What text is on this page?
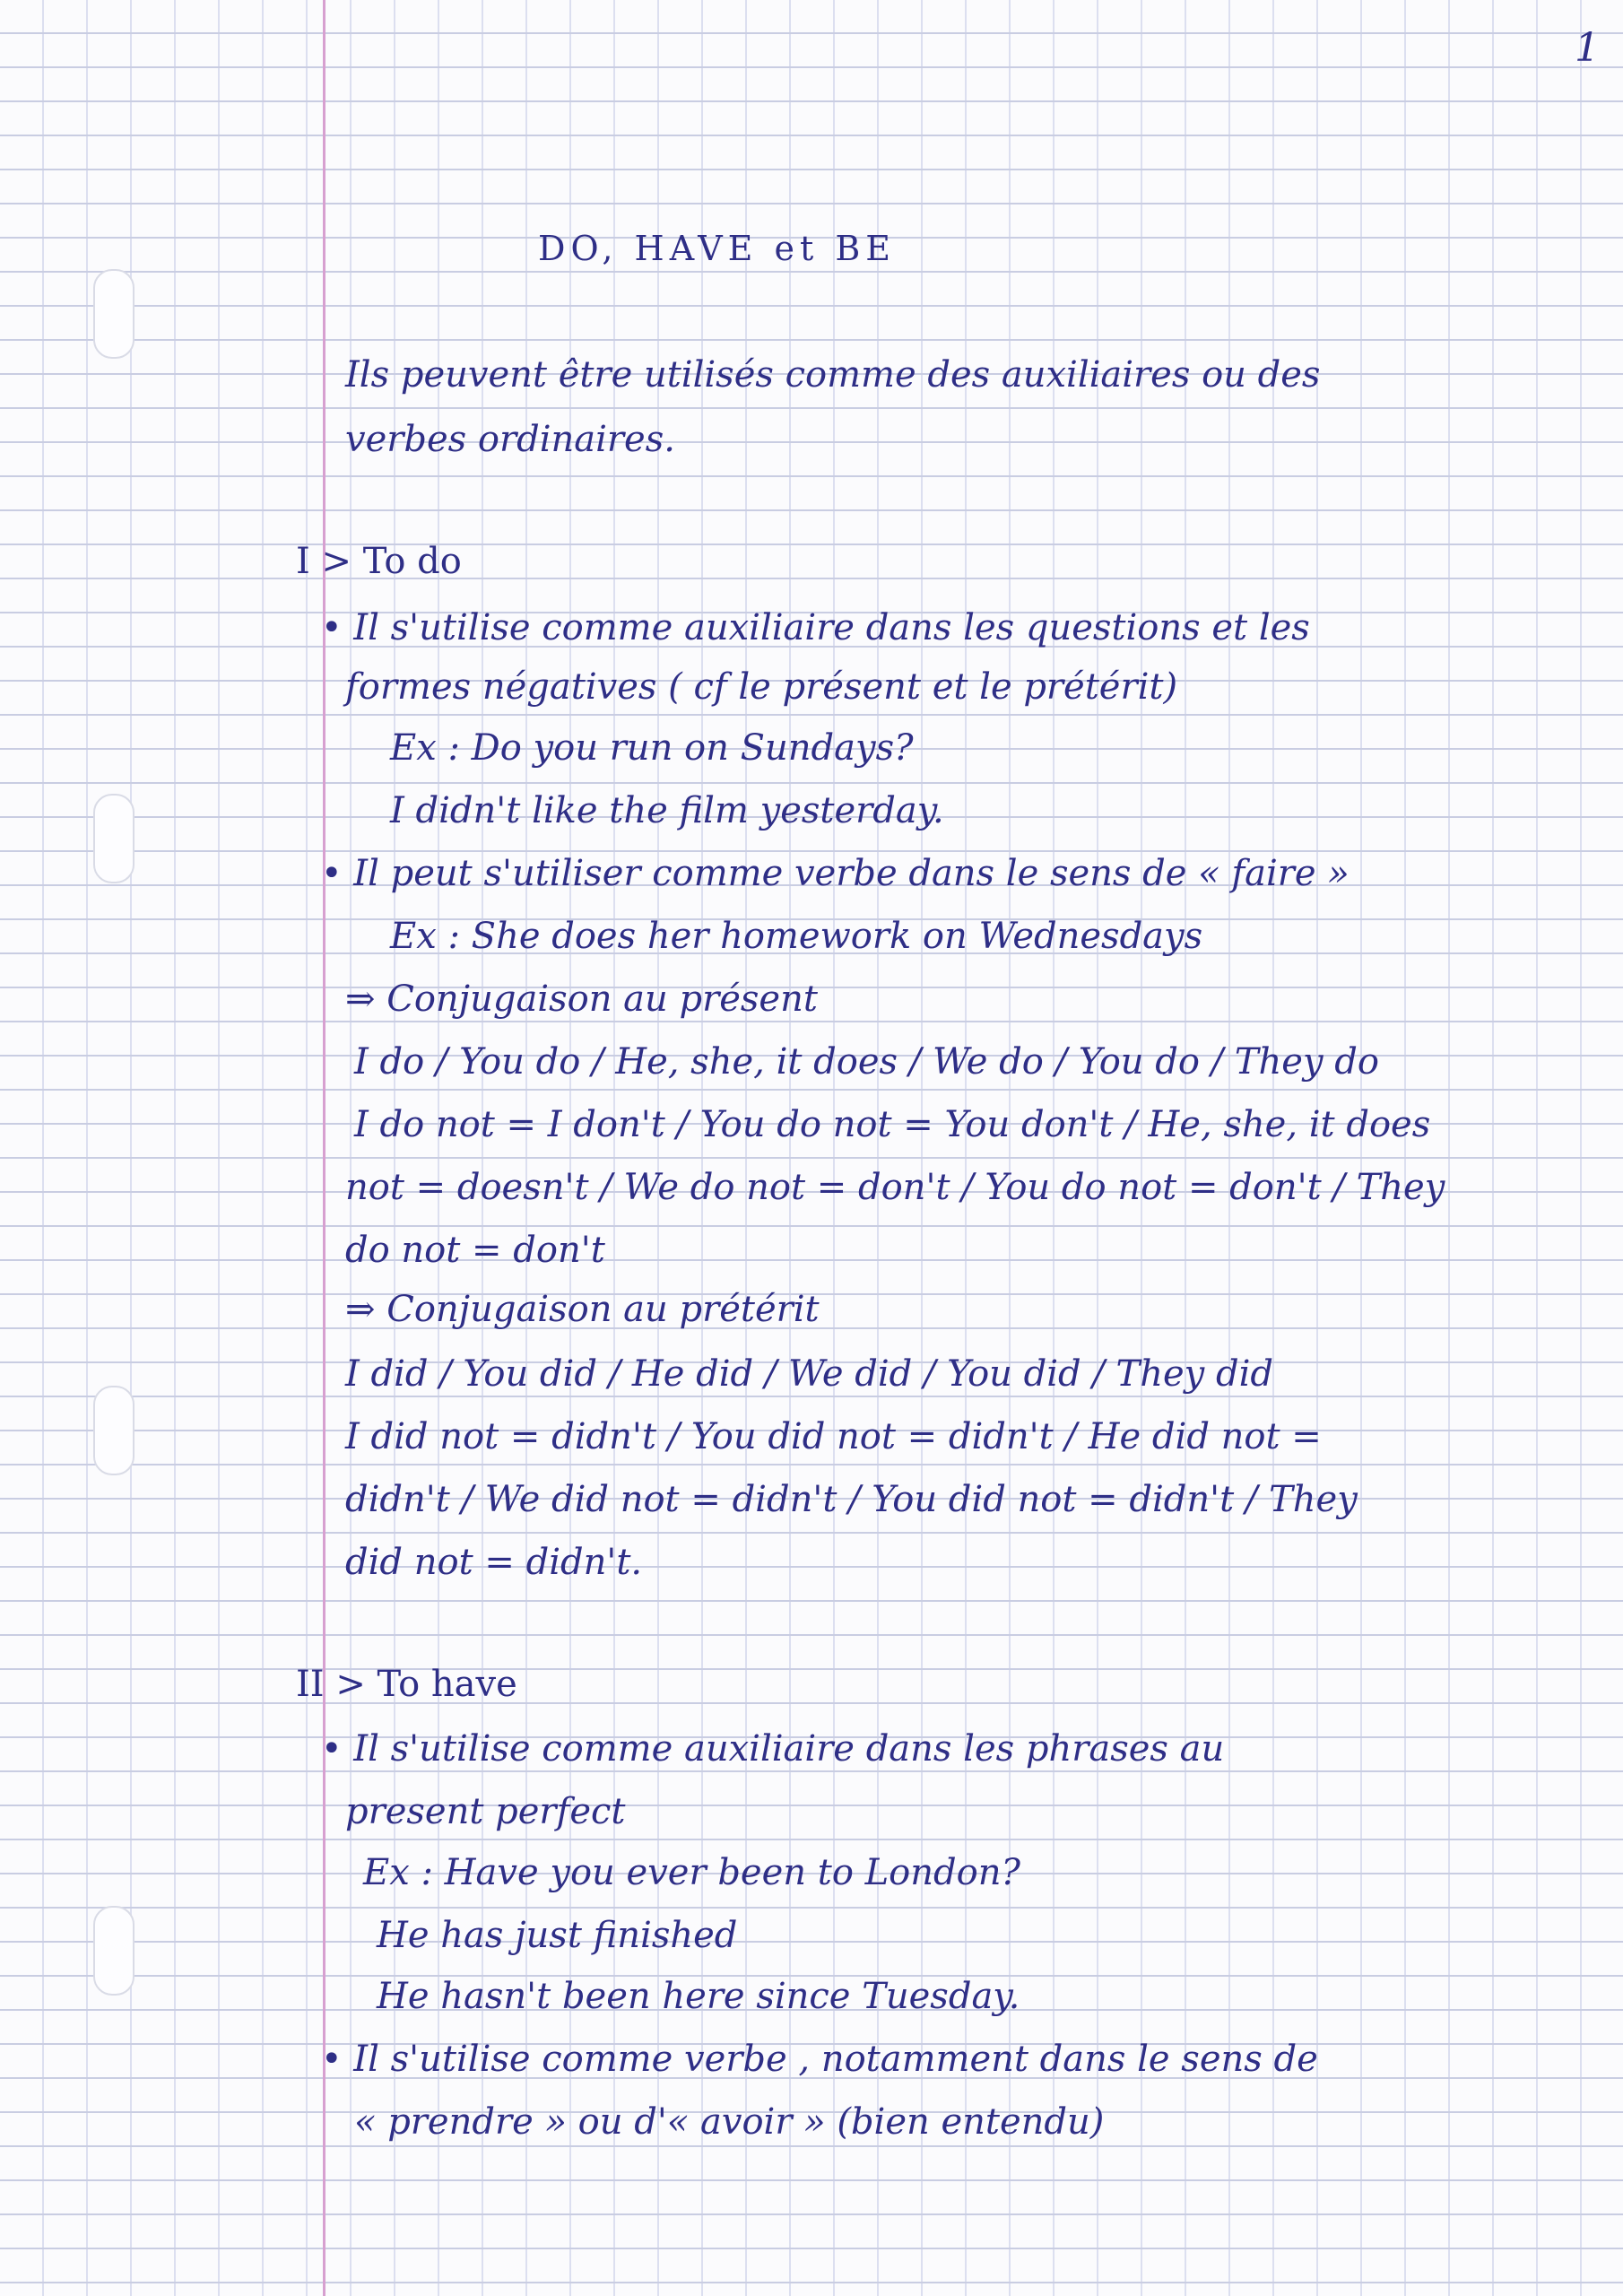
1
DO, HAVE et BE
Ils peuvent être utilisés comme des auxiliaires ou des
verbes ordinaires.
I > To do
• Il s'utilise comme auxiliaire dans les questions et les
formes négatives ( cf le présent et le prétérit)
Ex : Do you run on Sundays?
I didn't like the film yesterday.
• Il peut s'utiliser comme verbe dans le sens de « faire »
Ex : She does her homework on Wednesdays
⇒ Conjugaison au présent
I do / You do / He, she, it does / We do / You do / They do
I do not = I don't / You do not = You don't / He, she, it does
not = doesn't / We do not = don't / You do not = don't / They
do not = don't
⇒ Conjugaison au prétérit
I did / You did / He did / We did / You did / They did
I did not = didn't / You did not = didn't / He did not =
didn't / We did not = didn't / You did not = didn't / They
did not = didn't.
II > To have
• Il s'utilise comme auxiliaire dans les phrases au
present perfect
Ex : Have you ever been to London?
He has just finished
He hasn't been here since Tuesday.
• Il s'utilise comme verbe , notamment dans le sens de
« prendre » ou d'« avoir » (bien entendu)
